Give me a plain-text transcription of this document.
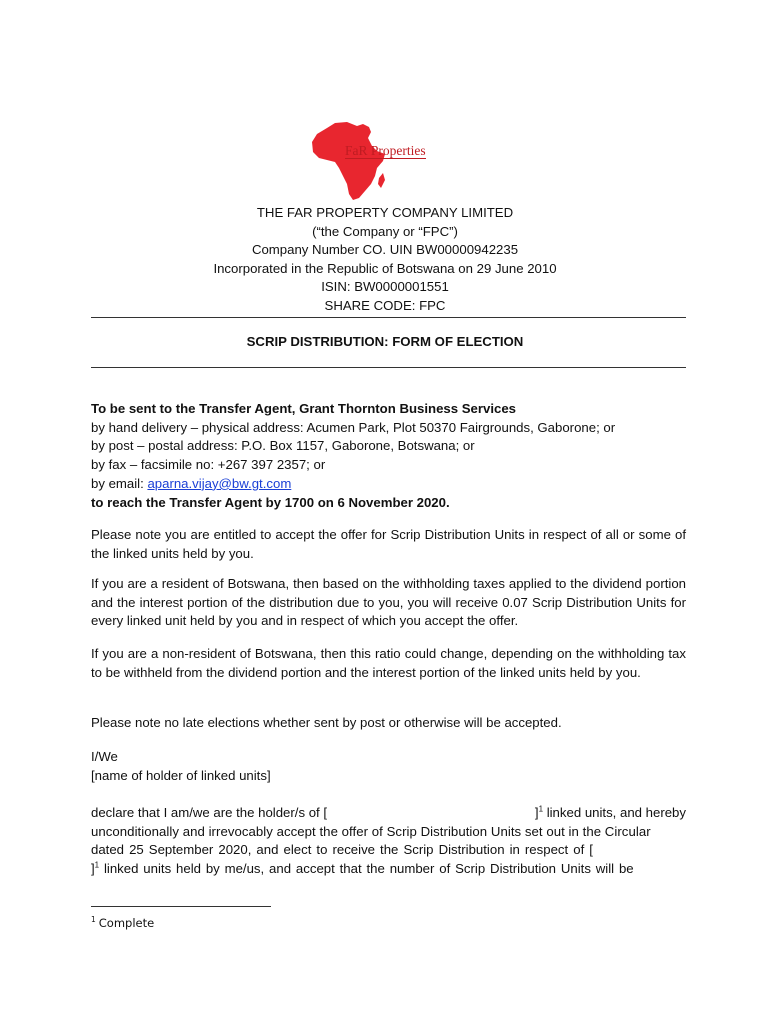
FaR Properties
THE FAR PROPERTY COMPANY LIMITED
(“the Company or “FPC”)
Company Number CO. UIN BW00000942235
Incorporated in the Republic of Botswana on 29 June 2010
ISIN: BW0000001551
SHARE CODE: FPC
SCRIP DISTRIBUTION: FORM OF ELECTION
To be sent to the Transfer Agent, Grant Thornton Business Services
by hand delivery – physical address: Acumen Park, Plot 50370 Fairgrounds, Gaborone; or
by post – postal address: P.O. Box 1157, Gaborone, Botswana; or
by fax – facsimile no: +267 397 2357; or
by email: aparna.vijay@bw.gt.com
to reach the Transfer Agent by 1700 on 6 November 2020.
Please note you are entitled to accept the offer for Scrip Distribution Units in respect of all or some of the linked units held by you.
If you are a resident of Botswana, then based on the withholding taxes applied to the dividend portion and the interest portion of the distribution due to you, you will receive 0.07 Scrip Distribution Units for every linked unit held by you and in respect of which you accept the offer.
If you are a non-resident of Botswana, then this ratio could change, depending on the withholding tax to be withheld from the dividend portion and the interest portion of the linked units held by you.
Please note no late elections whether sent by post or otherwise will be accepted.
I/We
[name of holder of linked units]
declare that I am/we are the holder/s of [	]$^1$ linked units, and hereby
unconditionally and irrevocably accept the offer of Scrip Distribution Units set out in the Circular
dated 25 September 2020, and elect to receive the Scrip Distribution in respect of [
]$^1$ linked units held by me/us, and accept that the number of Scrip Distribution Units will be
$^1$ Complete
